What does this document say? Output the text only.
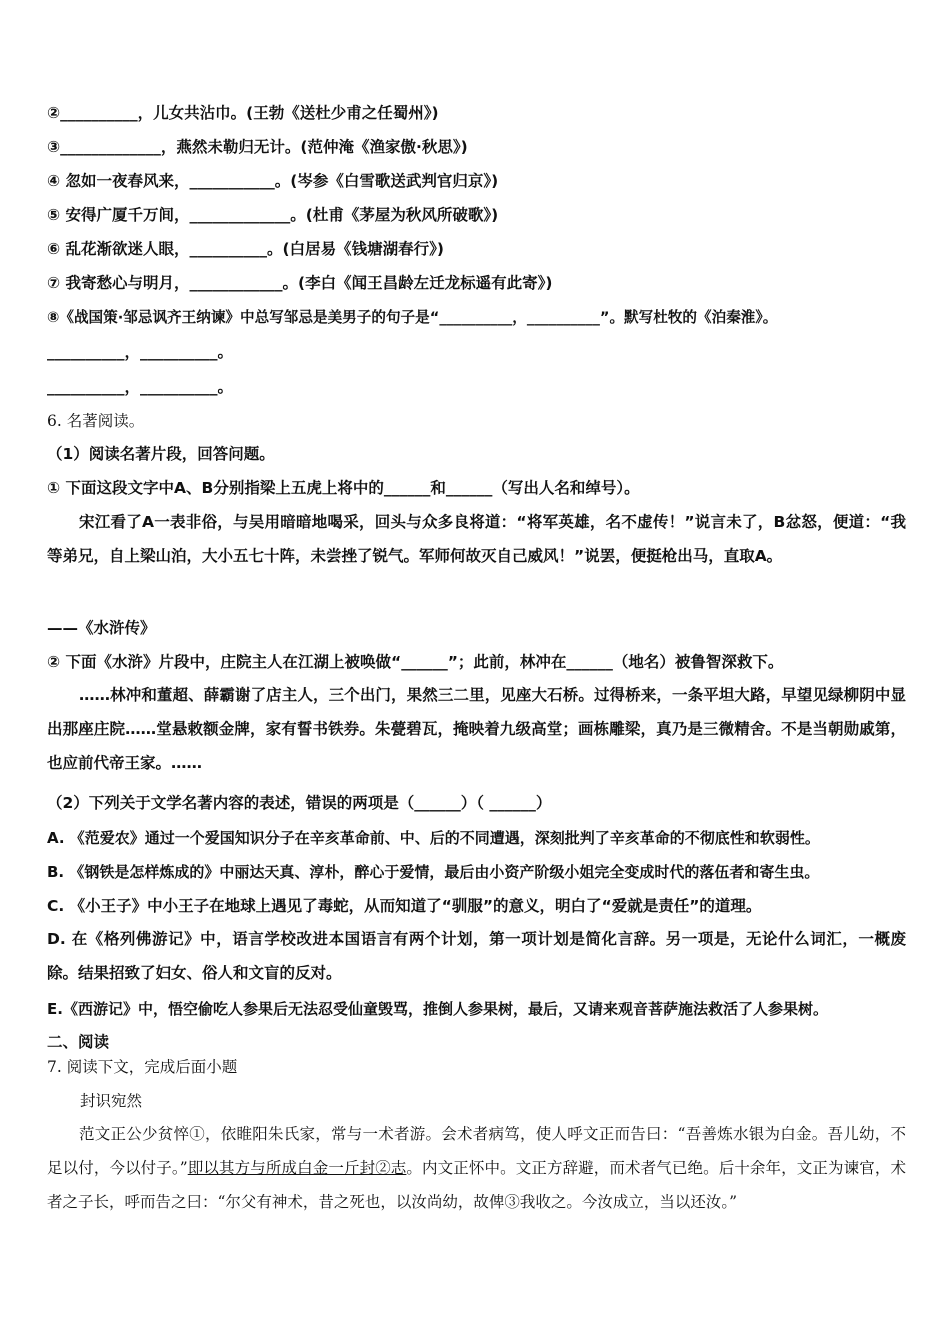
②__________，儿女共沾巾。(王勃《送杜少甫之任蜀州》)
③_____________，燕然未勒归无计。(范仲淹《渔家傲·秋思》)
④ 忽如一夜春风来，___________。(岑参《白雪歌送武判官归京》)
⑤ 安得广厦千万间，_____________。(杜甫《茅屋为秋风所破歌》)
⑥ 乱花渐欲迷人眼，__________。(白居易《钱塘湖春行》)
⑦ 我寄愁心与明月，____________。(李白《闻王昌龄左迁龙标遥有此寄》)
⑧《战国策·邹忌讽齐王纳谏》中总写邹忌是美男子的句子是“__________，__________”。默写杜牧的《泊秦淮》。
__________，__________。
__________，__________。
6. 名著阅读。
（1）阅读名著片段，回答问题。
① 下面这段文字中A、B分别指梁上五虎上将中的______和______（写出人名和绰号）。
宋江看了A一表非俗，与吴用暗暗地喝采，回头与众多良将道：“将军英雄，名不虚传！”说言未了，B忿怒，便道：“我等弟兄，自上梁山泊，大小五七十阵，未尝挫了锐气。军师何故灭自己威风！”说罢，便挺枪出马，直取A。
——《水浒传》
② 下面《水浒》片段中，庄院主人在江湖上被唤做“______”；此前，林冲在______（地名）被鲁智深救下。
……林冲和董超、薛霸谢了店主人，三个出门，果然三二里，见座大石桥。过得桥来，一条平坦大路，早望见绿柳阴中显出那座庄院……堂悬敕额金牌，家有誓书铁券。朱甍碧瓦，掩映着九级高堂；画栋雕梁，真乃是三微精舍。不是当朝勋戚第，也应前代帝王家。……
（2）下列关于文学名著内容的表述，错误的两项是（______）（ ______）
A. 《范爱农》通过一个爱国知识分子在辛亥革命前、中、后的不同遭遇，深刻批判了辛亥革命的不彻底性和软弱性。
B. 《钢铁是怎样炼成的》中丽达天真、淳朴，醉心于爱情，最后由小资产阶级小姐完全变成时代的落伍者和寄生虫。
C. 《小王子》中小王子在地球上遇见了毒蛇，从而知道了“驯服”的意义，明白了“爱就是责任”的道理。
D. 在《格列佛游记》中，语言学校改进本国语言有两个计划，第一项计划是简化言辞。另一项是，无论什么词汇，一概废除。结果招致了妇女、俗人和文盲的反对。
E.《西游记》中，悟空偷吃人参果后无法忍受仙童毁骂，推倒人参果树，最后，又请来观音菩萨施法救活了人参果树。
二、阅读
7. 阅读下文，完成后面小题
封识宛然
范文正公少贫悴①，依睢阳朱氏家，常与一术者游。会术者病笃，使人呼文正而告曰：“吾善炼水银为白金。吾儿幼，不足以付，今以付子。”即以其方与所成白金一斤封②志。内文正怀中。文正方辞避，而术者气已绝。后十余年，文正为谏官，术者之子长，呼而告之曰：“尔父有神术，昔之死也，以汝尚幼，故俾③我收之。今汝成立，当以还汝。”
